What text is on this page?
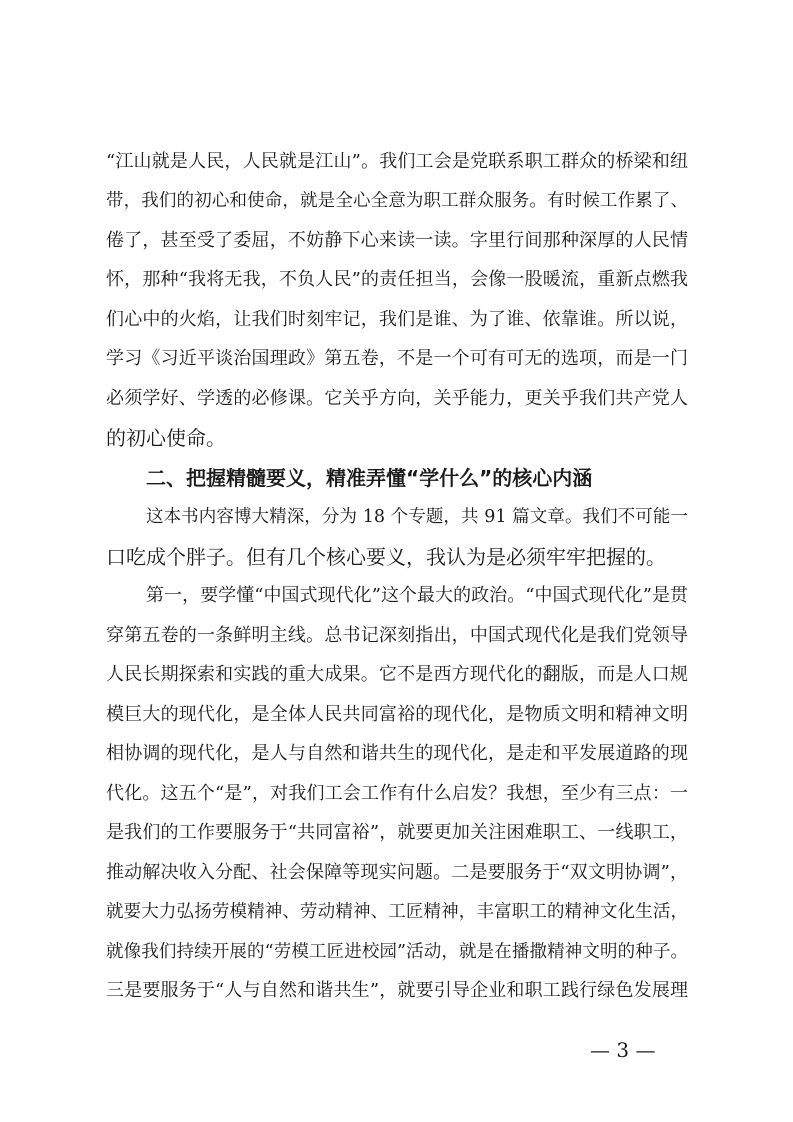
“江山就是人民，人民就是江山”。我们工会是党联系职工群众的桥梁和纽
带，我们的初心和使命，就是全心全意为职工群众服务。有时候工作累了、
倦了，甚至受了委屈，不妨静下心来读一读。字里行间那种深厚的人民情
怀，那种“我将无我，不负人民”的责任担当，会像一股暖流，重新点燃我
们心中的火焰，让我们时刻牢记，我们是谁、为了谁、依靠谁。所以说，
学习《习近平谈治国理政》第五卷，不是一个可有可无的选项，而是一门
必须学好、学透的必修课。它关乎方向，关乎能力，更关乎我们共产党人
的初心使命。
二、把握精髓要义，精准弄懂“学什么”的核心内涵
这本书内容博大精深，分为 18 个专题，共 91 篇文章。我们不可能一
口吃成个胖子。但有几个核心要义，我认为是必须牢牢把握的。
第一，要学懂“中国式现代化”这个最大的政治。“中国式现代化”是贯
穿第五卷的一条鲜明主线。总书记深刻指出，中国式现代化是我们党领导
人民长期探索和实践的重大成果。它不是西方现代化的翻版，而是人口规
模巨大的现代化，是全体人民共同富裕的现代化，是物质文明和精神文明
相协调的现代化，是人与自然和谐共生的现代化，是走和平发展道路的现
代化。这五个“是”，对我们工会工作有什么启发？我想，至少有三点：一
是我们的工作要服务于“共同富裕”，就要更加关注困难职工、一线职工，
推动解决收入分配、社会保障等现实问题。二是要服务于“双文明协调”，
就要大力弘扬劳模精神、劳动精神、工匠精神，丰富职工的精神文化生活，
就像我们持续开展的“劳模工匠进校园”活动，就是在播撒精神文明的种子。
三是要服务于“人与自然和谐共生”，就要引导企业和职工践行绿色发展理
— 3 —
